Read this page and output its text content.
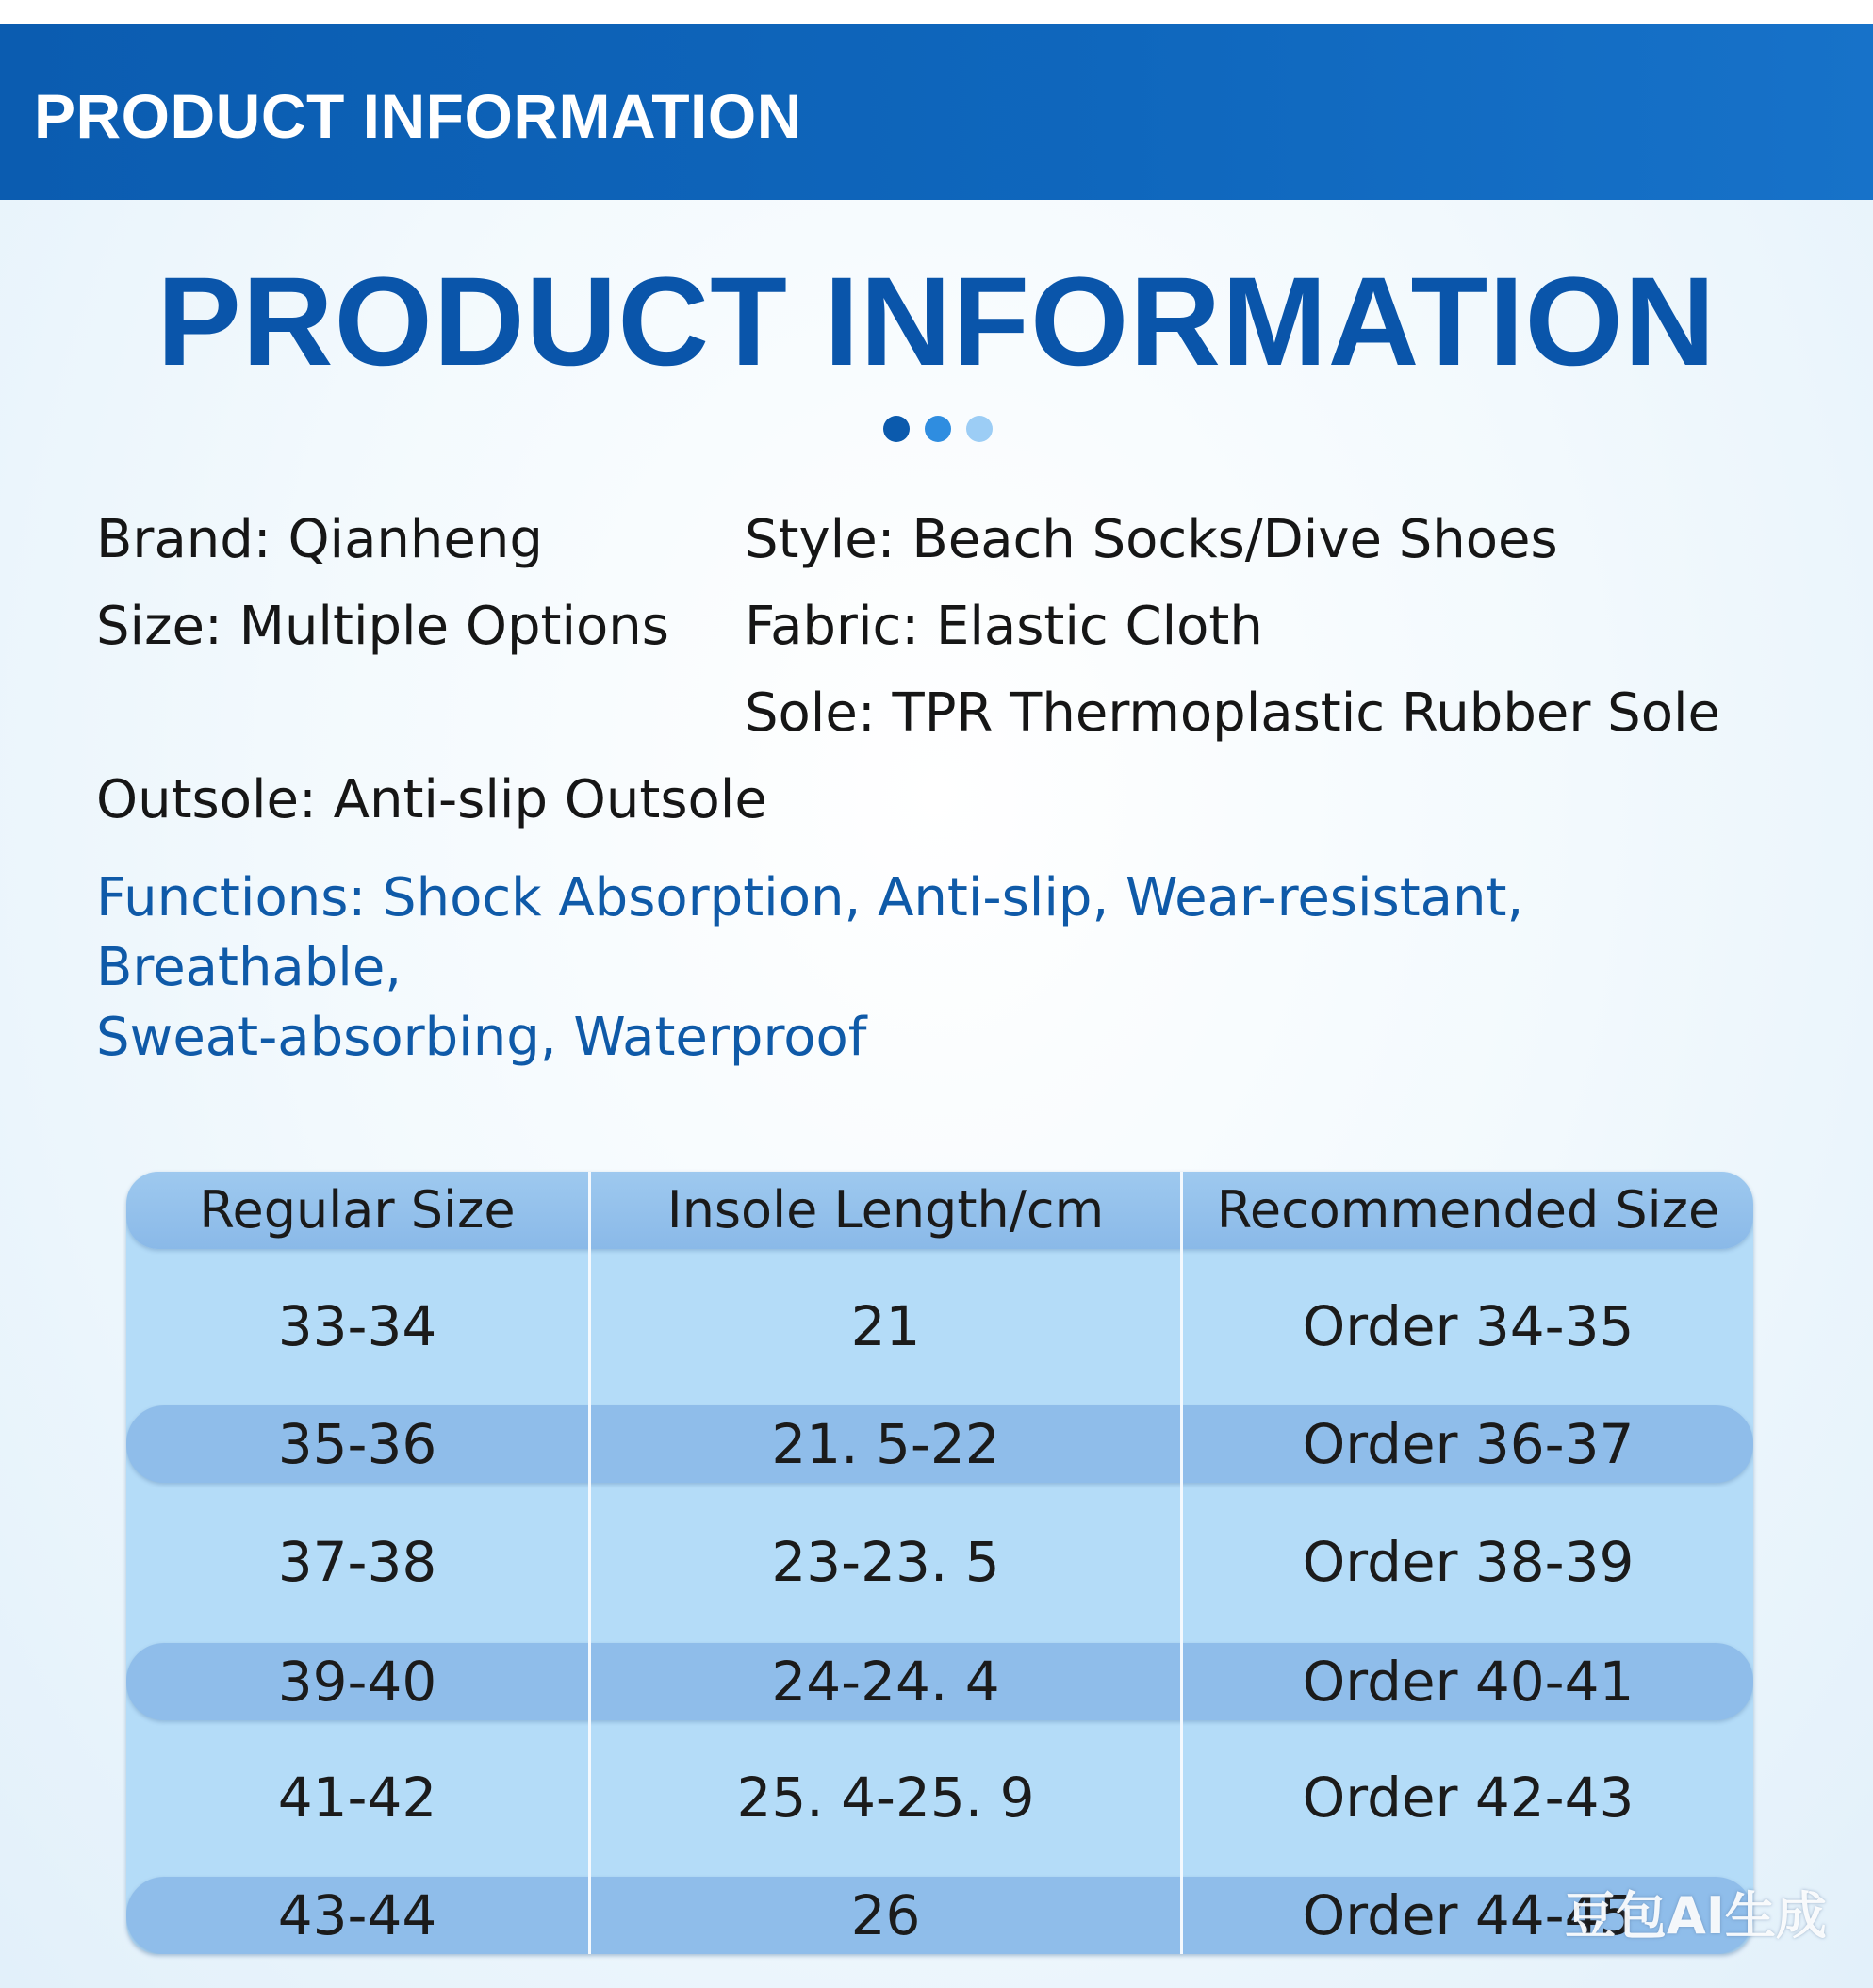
PRODUCT INFORMATION
PRODUCT INFORMATION
Brand: Qianheng	Style: Beach Socks/Dive Shoes
Size: Multiple Options Fabric: Elastic Cloth
Sole: TPR Thermoplastic Rubber Sole
Outsole: Anti-slip Outsole
Functions: Shock Absorption, Anti-slip, Wear-resistant, Breathable,
Sweat-absorbing, Waterproof
Regular Size	Insole Length/cm	Recommended Size
33-34	21	Order 34-35
35-36	21. 5-22	Order 36-37
37-38	23-23. 5	Order 38-39
39-40	24-24. 4	Order 40-41
41-42	25. 4-25. 9	Order 42-43
43-44	26	Order 44-45
豆包AI生成
